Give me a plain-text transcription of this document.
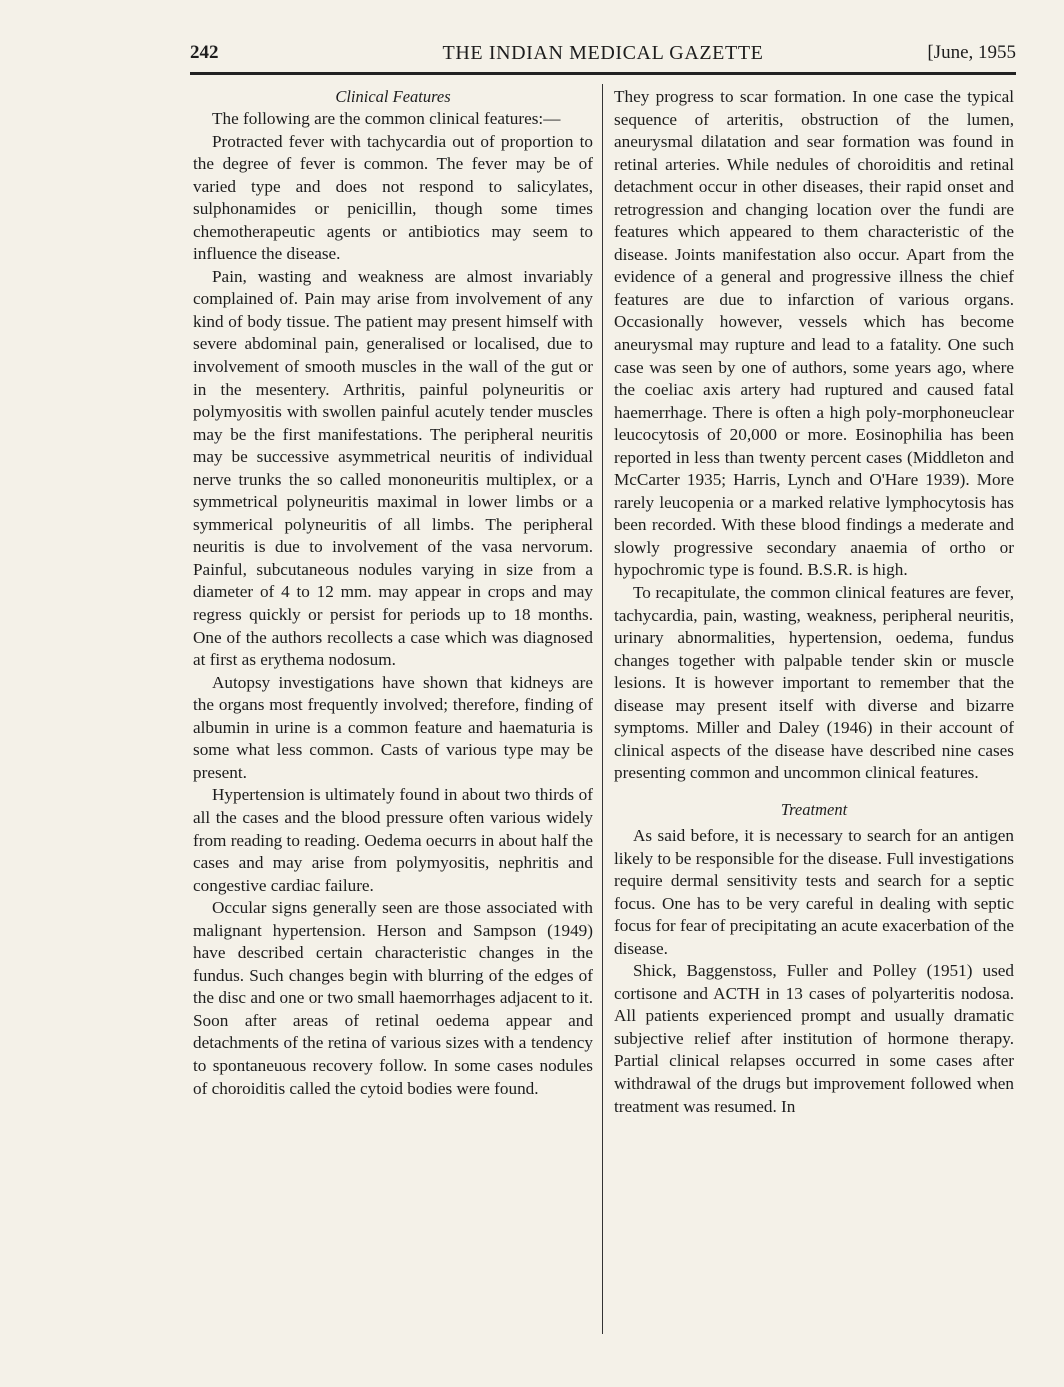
242	THE INDIAN MEDICAL GAZETTE	[June, 1955
Clinical Features

The following are the common clinical features:—

Protracted fever with tachycardia out of proportion to the degree of fever is common. The fever may be of varied type and does not respond to salicylates, sulphonamides or penicillin, though some times chemotherapeutic agents or antibiotics may seem to influence the disease.

Pain, wasting and weakness are almost invariably complained of. Pain may arise from involvement of any kind of body tissue. The patient may present himself with severe abdominal pain, generalised or localised, due to involvement of smooth muscles in the wall of the gut or in the mesentery. Arthritis, painful polyneuritis or polymyositis with swollen painful acutely tender muscles may be the first manifestations. The peripheral neuritis may be successive asymmetrical neuritis of individual nerve trunks the so called mononeuritis multiplex, or a symmetrical polyneuritis maximal in lower limbs or a symmerical polyneuritis of all limbs. The peripheral neuritis is due to involvement of the vasa nervorum. Painful, subcutaneous nodules varying in size from a diameter of 4 to 12 mm. may appear in crops and may regress quickly or persist for periods up to 18 months. One of the authors recollects a case which was diagnosed at first as erythema nodosum.

Autopsy investigations have shown that kidneys are the organs most frequently involved; therefore, finding of albumin in urine is a common feature and haematuria is some what less common. Casts of various type may be present.

Hypertension is ultimately found in about two thirds of all the cases and the blood pressure often various widely from reading to reading. Oedema oecurrs in about half the cases and may arise from polymyositis, nephritis and congestive cardiac failure.

Occular signs generally seen are those associated with malignant hypertension. Herson and Sampson (1949) have described certain characteristic changes in the fundus. Such changes begin with blurring of the edges of the disc and one or two small haemorrhages adjacent to it. Soon after areas of retinal oedema appear and detachments of the retina of various sizes with a tendency to spontaneuous recovery follow. In some cases nodules of choroiditis called the cytoid bodies were found.

They progress to scar formation. In one case the typical sequence of arteritis, obstruction of the lumen, aneurysmal dilatation and sear formation was found in retinal arteries. While nedules of choroiditis and retinal detachment occur in other diseases, their rapid onset and retrogression and changing location over the fundi are features which appeared to them characteristic of the disease. Joints manifestation also occur. Apart from the evidence of a general and progressive illness the chief features are due to infarction of various organs. Occasionally however, vessels which has become aneurysmal may rupture and lead to a fatality. One such case was seen by one of authors, some years ago, where the coeliac axis artery had ruptured and caused fatal haemerrhage. There is often a high poly-morphoneuclear leucocytosis of 20,000 or more. Eosinophilia has been reported in less than twenty percent cases (Middleton and McCarter 1935; Harris, Lynch and O'Hare 1939). More rarely leucopenia or a marked relative lymphocytosis has been recorded. With these blood findings a mederate and slowly progressive secondary anaemia of ortho or hypochromic type is found. B.S.R. is high.

To recapitulate, the common clinical features are fever, tachycardia, pain, wasting, weakness, peripheral neuritis, urinary abnormalities, hypertension, oedema, fundus changes together with palpable tender skin or muscle lesions. It is however important to remember that the disease may present itself with diverse and bizarre symptoms. Miller and Daley (1946) in their account of clinical aspects of the disease have described nine cases presenting common and uncommon clinical features.

Treatment

As said before, it is necessary to search for an antigen likely to be responsible for the disease. Full investigations require dermal sensitivity tests and search for a septic focus. One has to be very careful in dealing with septic focus for fear of precipitating an acute exacerbation of the disease.

Shick, Baggenstoss, Fuller and Polley (1951) used cortisone and ACTH in 13 cases of polyarteritis nodosa. All patients experienced prompt and usually dramatic subjective relief after institution of hormone therapy. Partial clinical relapses occurred in some cases after withdrawal of the drugs but improvement followed when treatment was resumed. In
